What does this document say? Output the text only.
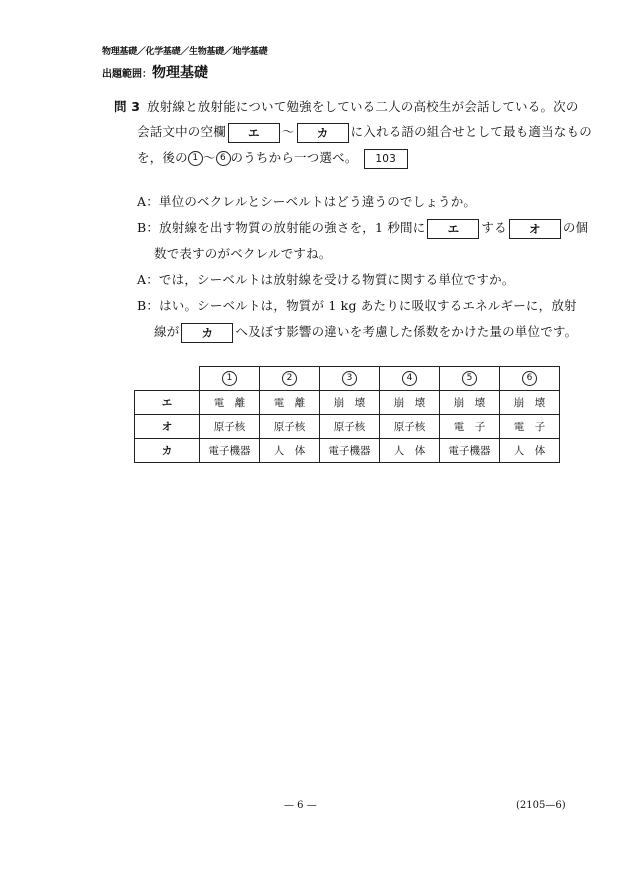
物理基礎／化学基礎／生物基礎／地学基礎
出題範囲：物理基礎
問 3 放射線と放射能について勉強をしている二人の高校生が会話している。次の
会話文中の空欄 エ ～ カ に入れる語の組合せとして最も適当なもの
を，後の 1 ～ 6 のうちから一つ選べ。 103
A：単位のベクレルとシーベルトはどう違うのでしょうか。
B：放射線を出す物質の放射能の強さを，1 秒間に エ する オ の個
数で表すのがベクレルですね。
A：では，シーベルトは放射線を受ける物質に関する単位ですか。
B：はい。シーベルトは，物質が 1 kg あたりに吸収するエネルギーに，放射
線が カ へ及ぼす影響の違いを考慮した係数をかけた量の単位です。
	1	2	3	4	5	6
エ	電　離	電　離	崩　壊	崩　壊	崩　壊	崩　壊
オ	原子核	原子核	原子核	原子核	電　子	電　子
カ	電子機器	人　体	電子機器	人　体	電子機器	人　体
— 6 —	(2105—6)
